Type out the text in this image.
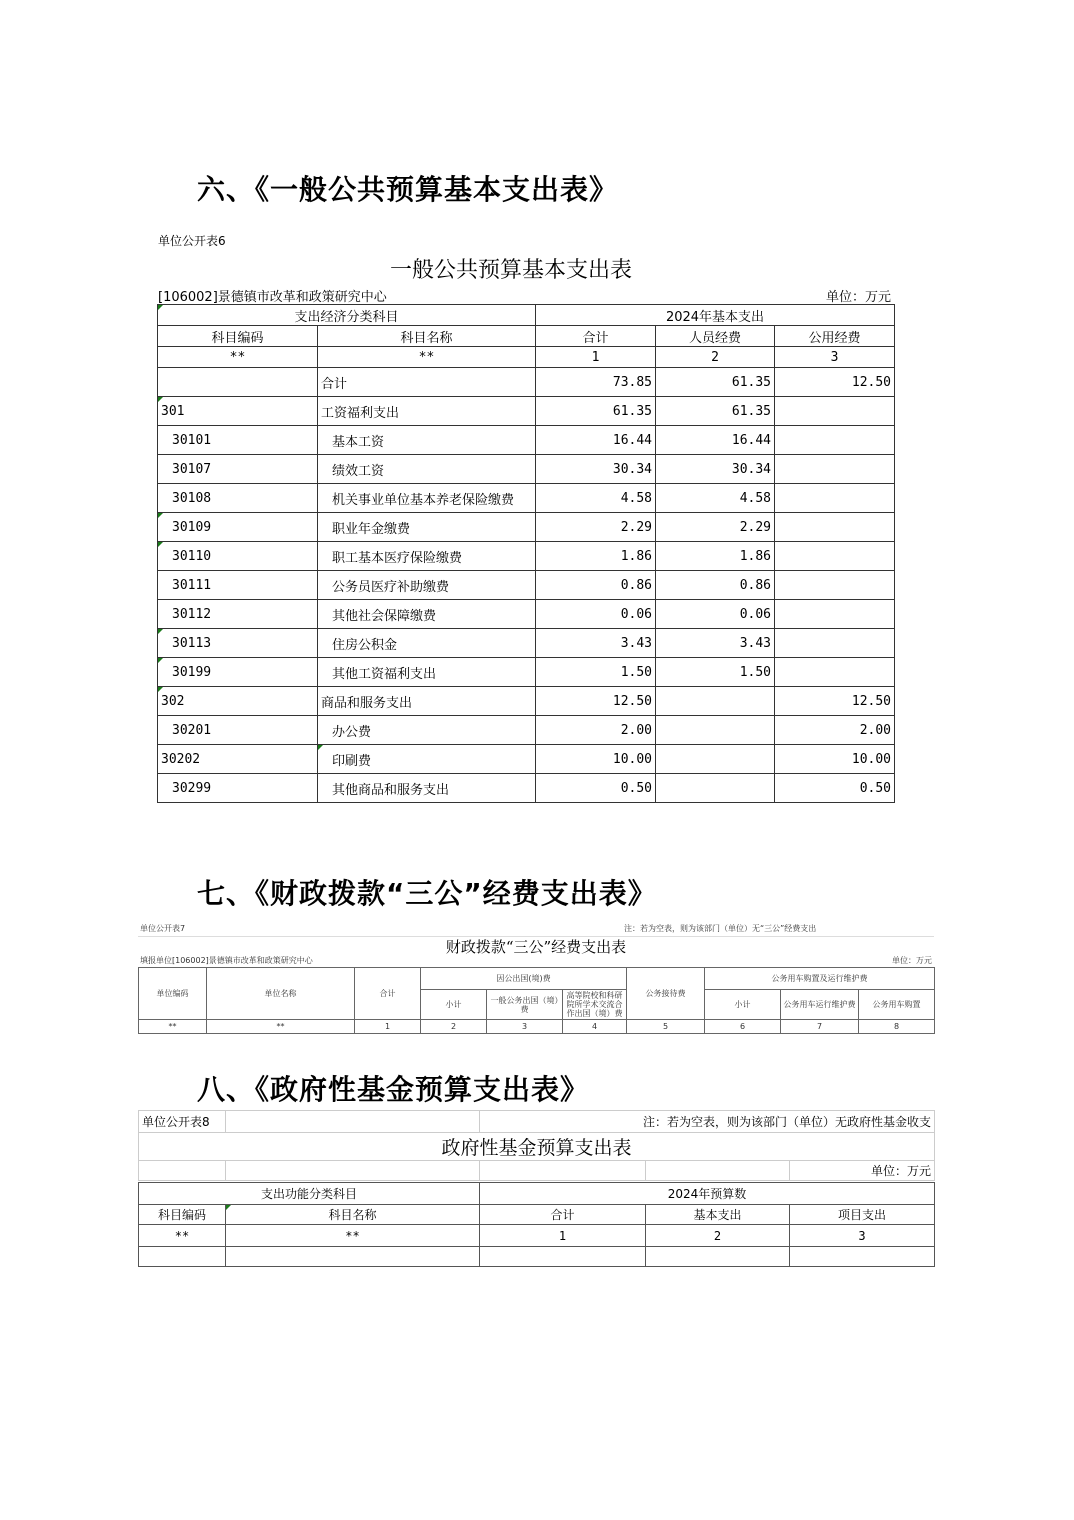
六、《一般公共预算基本支出表》
单位公开表6
一般公共预算基本支出表
[106002]景德镇市改革和政策研究中心	单位：万元
支出经济分类科目		2024年基本支出		
科目编码	科目名称	合计	人员经费	公用经费
**	**	1	2	3
	合计	73.85	61.35	12.50
301	工资福利支出	61.35	61.35	
30101	基本工资	16.44	16.44	
30107	绩效工资	30.34	30.34	
30108	机关事业单位基本养老保险缴费	4.58	4.58	
30109	职业年金缴费	2.29	2.29	
30110	职工基本医疗保险缴费	1.86	1.86	
30111	公务员医疗补助缴费	0.86	0.86	
30112	其他社会保障缴费	0.06	0.06	
30113	住房公积金	3.43	3.43	
30199	其他工资福利支出	1.50	1.50	
302	商品和服务支出	12.50		12.50
30201	办公费	2.00		2.00
30202	印刷费	10.00		10.00
30299	其他商品和服务支出	0.50		0.50
七、《财政拨款“三公”经费支出表》
单位公开表7	注：若为空表，则为该部门（单位）无“三公”经费支出
财政拨款“三公”经费支出表
填报单位[106002]景德镇市改革和政策研究中心	单位：万元
单位编码	单位名称	合计	因公出国(境)费			公务接待费	公务用车购置及运行维护费		
			小计	一般公务出国（境）费	高等院校和科研院所学术交流合作出国（境）费		小计	公务用车运行维护费	公务用车购置
**	**	1	2	3	4	5	6	7	8
八、《政府性基金预算支出表》
单位公开表8		注：若为空表，则为该部门（单位）无政府性基金收支		
政府性基金预算支出表				
				单位：万元
支出功能分类科目		2024年预算数		
科目编码	科目名称	合计	基本支出	项目支出
**	**	1	2	3
